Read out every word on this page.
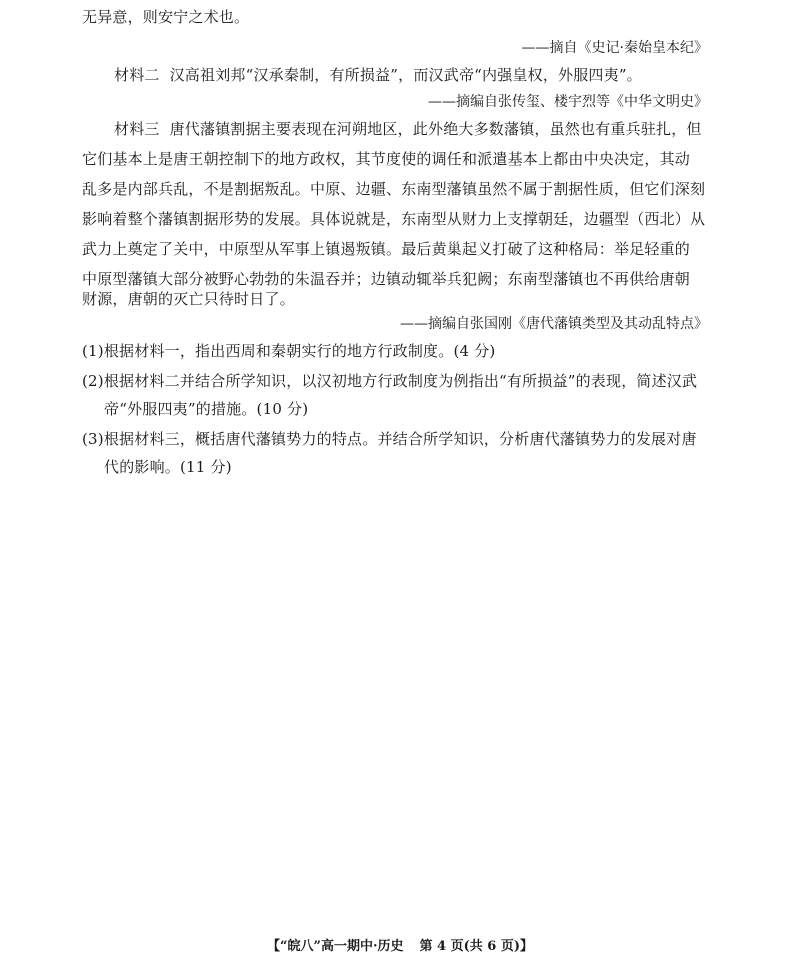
无异意，则安宁之术也。
——摘自《史记·秦始皇本纪》
材料二 汉高祖刘邦“汉承秦制，有所损益”，而汉武帝“内强皇权，外服四夷”。
——摘编自张传玺、楼宇烈等《中华文明史》
材料三 唐代藩镇割据主要表现在河朔地区，此外绝大多数藩镇，虽然也有重兵驻扎，但
它们基本上是唐王朝控制下的地方政权，其节度使的调任和派遣基本上都由中央决定，其动
乱多是内部兵乱，不是割据叛乱。中原、边疆、东南型藩镇虽然不属于割据性质，但它们深刻
影响着整个藩镇割据形势的发展。具体说就是，东南型从财力上支撑朝廷，边疆型（西北）从
武力上奠定了关中，中原型从军事上镇遏叛镇。最后黄巢起义打破了这种格局：举足轻重的
中原型藩镇大部分被野心勃勃的朱温吞并；边镇动辄举兵犯阙；东南型藩镇也不再供给唐朝
财源，唐朝的灭亡只待时日了。
——摘编自张国刚《唐代藩镇类型及其动乱特点》
(1)根据材料一，指出西周和秦朝实行的地方行政制度。(4 分)
(2)根据材料二并结合所学知识，以汉初地方行政制度为例指出“有所损益”的表现，简述汉武
帝“外服四夷”的措施。(10 分)
(3)根据材料三，概括唐代藩镇势力的特点。并结合所学知识，分析唐代藩镇势力的发展对唐
代的影响。(11 分)
【“皖八”高一期中·历史 第 4 页(共 6 页)】
